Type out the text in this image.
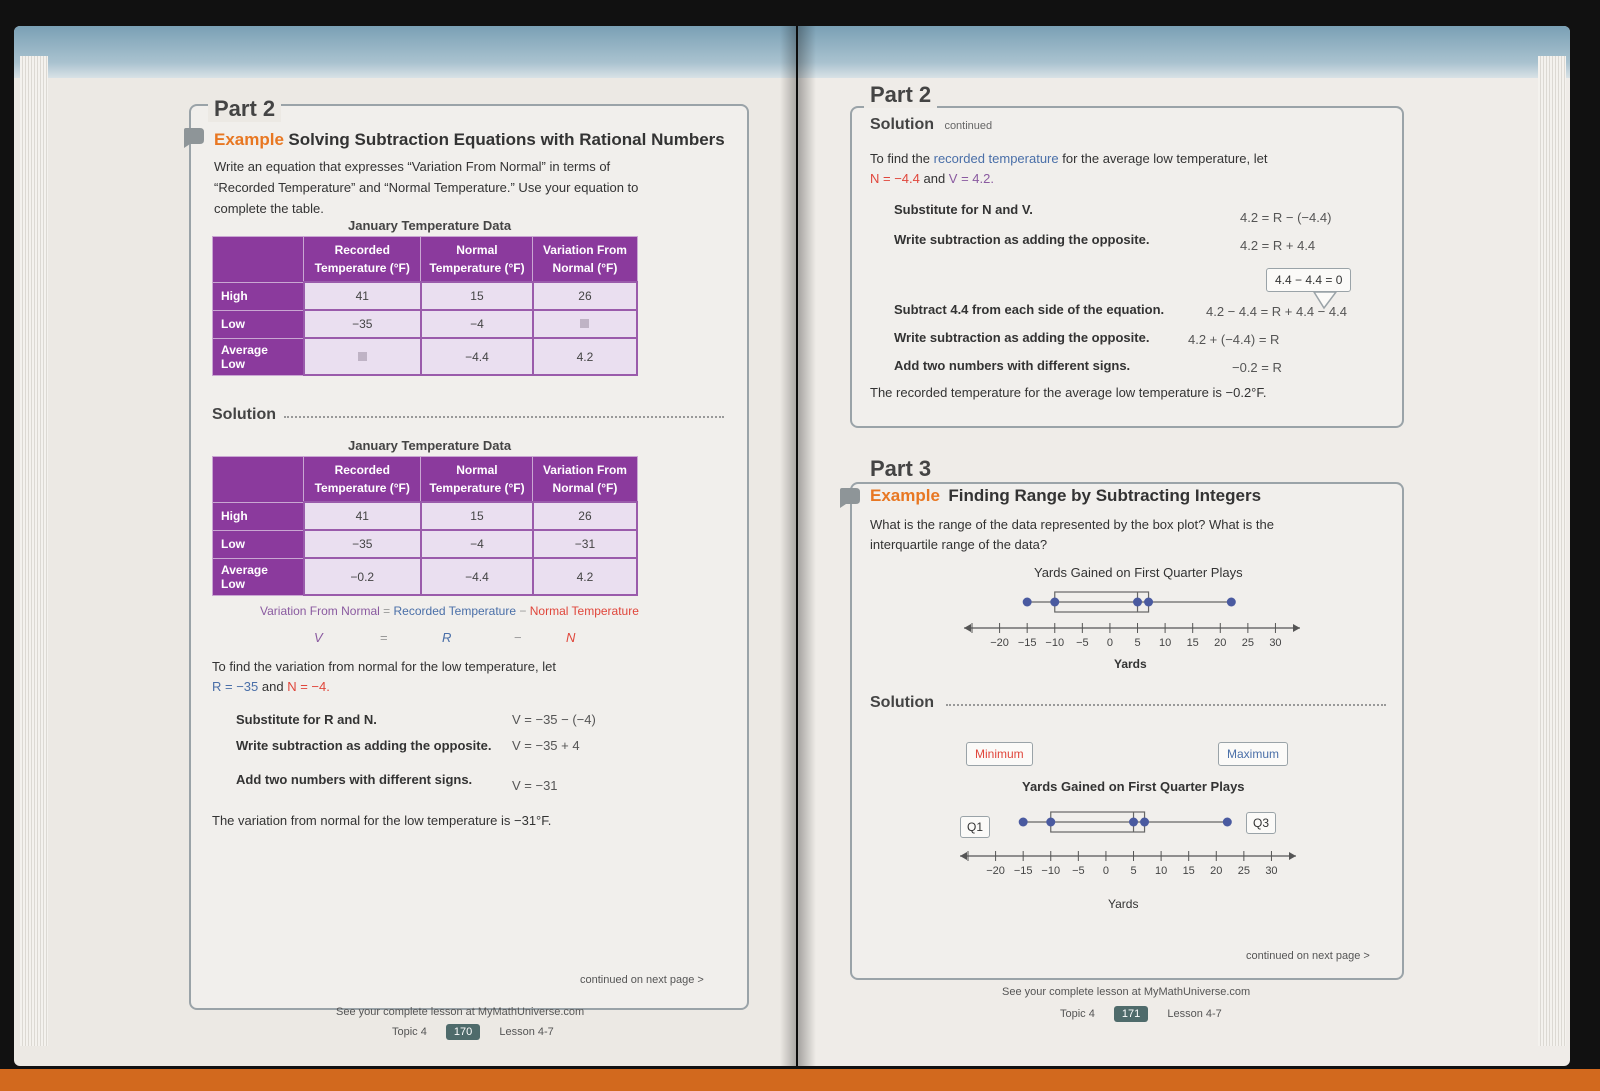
Part 2
Example Solving Subtraction Equations with Rational Numbers
Write an equation that expresses “Variation From Normal” in terms of
“Recorded Temperature” and “Normal Temperature.” Use your equation to
complete the table.
January Temperature Data
	Recorded Temperature (°F)	Normal Temperature (°F)	Variation From Normal (°F)
High	41	15	26
Low	−35	−4	
Average Low		−4.4	4.2
Solution
January Temperature Data
	Recorded Temperature (°F)	Normal Temperature (°F)	Variation From Normal (°F)
High	41	15	26
Low	−35	−4	−31
Average Low	−0.2	−4.4	4.2
Variation From Normal = Recorded Temperature − Normal Temperature
V	=	R	−	N
To find the variation from normal for the low temperature, let
R = −35 and N = −4.
Substitute for R and N.	V = −35 − (−4)
Write subtraction as adding the opposite. V = −35 + 4
Add two numbers with different signs.	V = −31
The variation from normal for the low temperature is −31°F.
continued on next page >
See your complete lesson at MyMathUniverse.com
Topic 4 170 Lesson 4-7
Part 2
Solution continued
To find the recorded temperature for the average low temperature, let
N = −4.4 and V = 4.2.
Substitute for N and V.
4.2 = R − (−4.4)
Write subtraction as adding the opposite.	4.2 = R + 4.4
4.4 − 4.4 = 0
Subtract 4.4 from each side of the equation.	4.2 − 4.4 = R + 4.4 − 4.4
Write subtraction as adding the opposite.	4.2 + (−4.4) = R
Add two numbers with different signs.	−0.2 = R
The recorded temperature for the average low temperature is −0.2°F.
Part 3
Example Finding Range by Subtracting Integers
What is the range of the data represented by the box plot? What is the
interquartile range of the data?
Yards Gained on First Quarter Plays
−20 −15 −10 −5 0 5 10 15 20 25 30
Yards
Solution
Minimum	Maximum
Yards Gained on First Quarter Plays
Q1	Q3
−20 −15 −10 −5 0 5 10 15 20 25 30
Yards
continued on next page >
See your complete lesson at MyMathUniverse.com
Topic 4 171 Lesson 4-7
